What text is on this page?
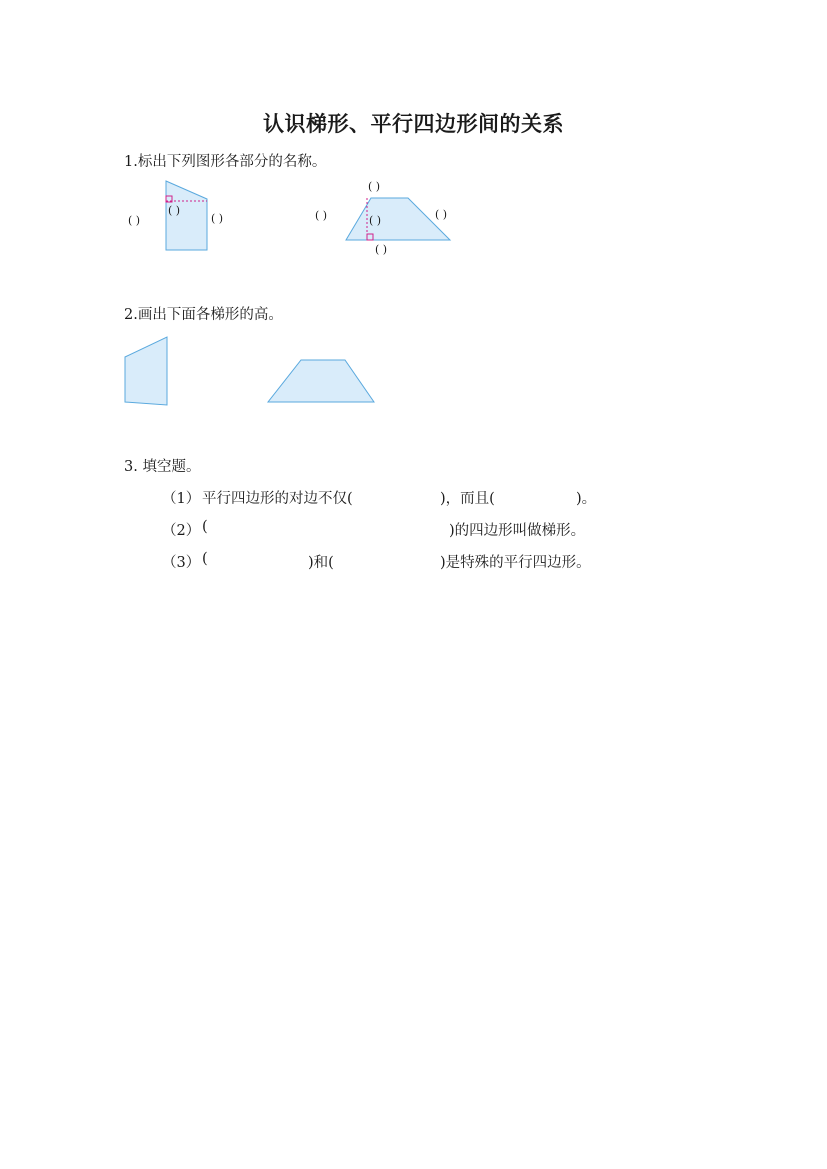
认识梯形、平行四边形间的关系
1.标出下列图形各部分的名称。
( )
( )
( )
( )
( )	( )	( )
( )
2.画出下面各梯形的高。
3. 填空题。
（1） 平行四边形的对边不仅(	)，而且(	)。
（2） (	)的四边形叫做梯形。
（3） (	)和(	)是特殊的平行四边形。
